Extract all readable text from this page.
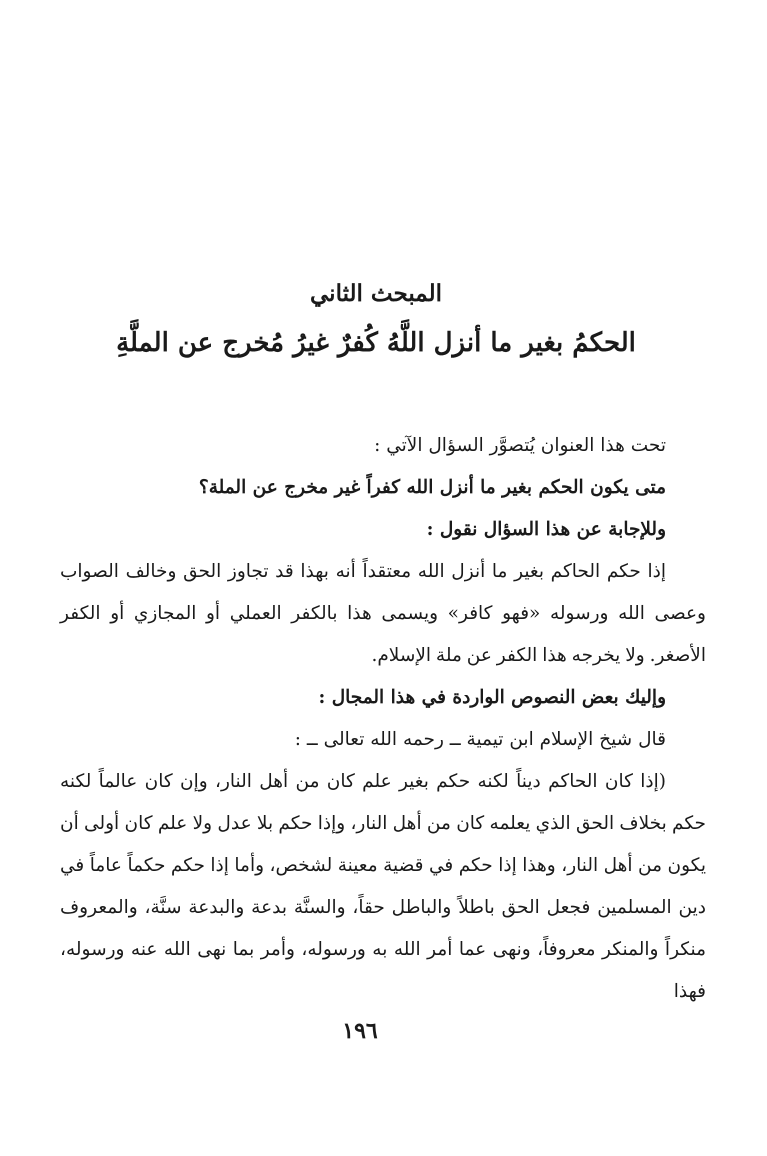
المبحث الثاني
الحكمُ بغير ما أنزل اللَّهُ كُفرٌ غيرُ مُخرج عن الملَّةِ

تحت هذا العنوان يُتصوَّر السؤال الآتي :

متى يكون الحكم بغير ما أنزل الله كفراً غير مخرج عن الملة؟

وللإجابة عن هذا السؤال نقول :

إذا حكم الحاكم بغير ما أنزل الله معتقداً أنه بهذا قد تجاوز الحق وخالف الصواب وعصى الله ورسوله «فهو كافر» ويسمى هذا بالكفر العملي أو المجازي أو الكفر الأصغر. ولا يخرجه هذا الكفر عن ملة الإسلام.

وإليك بعض النصوص الواردة في هذا المجال :

قال شيخ الإسلام ابن تيمية ــ رحمه الله تعالى ــ :

(إذا كان الحاكم ديناً لكنه حكم بغير علم كان من أهل النار، وإن كان عالماً لكنه حكم بخلاف الحق الذي يعلمه كان من أهل النار، وإذا حكم بلا عدل ولا علم كان أولى أن يكون من أهل النار، وهذا إذا حكم في قضية معينة لشخص، وأما إذا حكم حكماً عاماً في دين المسلمين فجعل الحق باطلاً والباطل حقاً، والسنَّة بدعة والبدعة سنَّة، والمعروف منكراً والمنكر معروفاً، ونهى عما أمر الله به ورسوله، وأمر بما نهى الله عنه ورسوله، فهذا

١٩٦
